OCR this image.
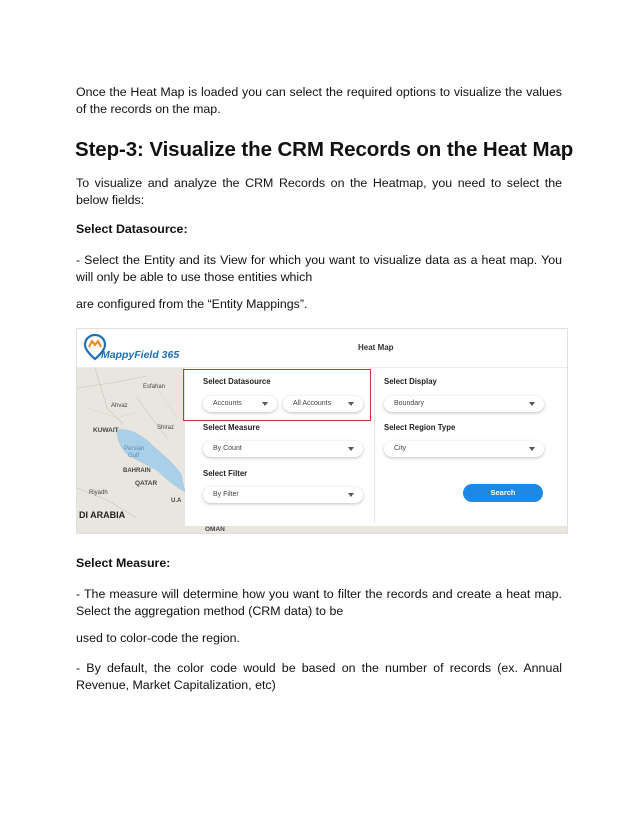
Once the Heat Map is loaded you can select the required options to visualize the values of the records on the map.
Step-3: Visualize the CRM Records on the Heat Map
To visualize and analyze the CRM Records on the Heatmap, you need to select the below fields:
Select Datasource:
- Select the Entity and its View for which you want to visualize data as a heat map. You will only be able to use those entities which
are configured from the “Entity Mappings”.
MappyField 365
Heat Map
Esfahan
Ahvaz
KUWAIT	Shiraz
Persian
Gulf
BAHRAIN
QATAR
Riyadh
U.A
DI ARABIA
OMAN
Select Datasource
Accounts	All Accounts
Select Measure
By Count
Select Filter
By Filter
Select Display
Boundary
Select Region Type
City
Search
Select Measure:
- The measure will determine how you want to filter the records and create a heat map. Select the aggregation method (CRM data) to be
used to color-code the region.
- By default, the color code would be based on the number of records (ex. Annual Revenue, Market Capitalization, etc)
